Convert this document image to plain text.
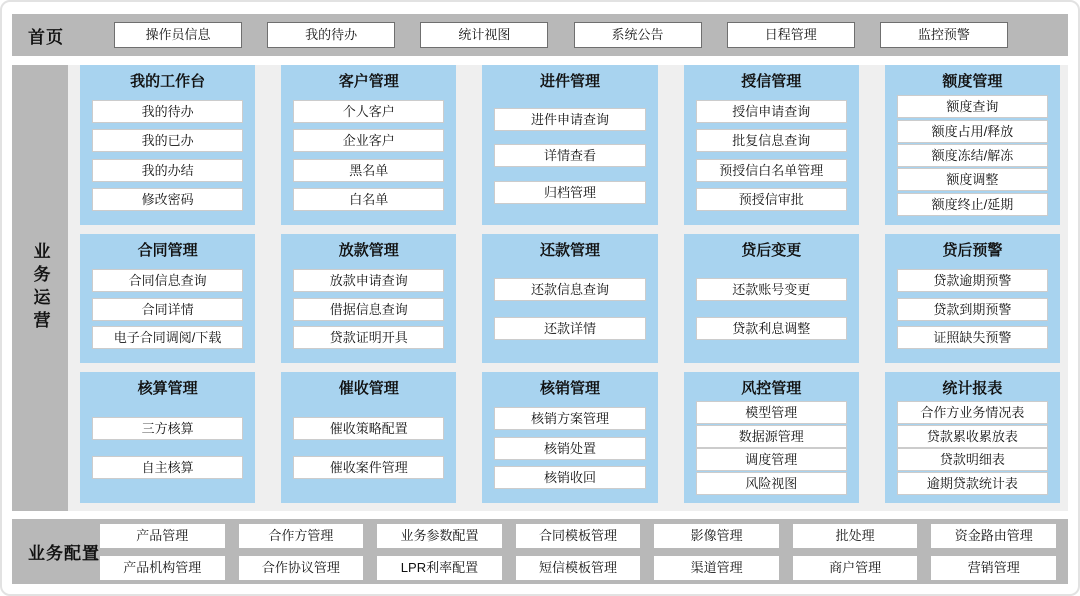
首页	操作员信息	我的待办	统计视图	系统公告	日程管理	监控预警
业务运营
我的工作台
我的待办
我的已办
我的办结
修改密码
客户管理
个人客户
企业客户
黑名单
白名单
进件管理
进件申请查询
详情查看
归档管理
授信管理
授信申请查询
批复信息查询
预授信白名单管理
预授信审批
额度管理
额度查询
额度占用/释放
额度冻结/解冻
额度调整
额度终止/延期
合同管理
合同信息查询
合同详情
电子合同调阅/下载
放款管理
放款申请查询
借据信息查询
贷款证明开具
还款管理
还款信息查询
还款详情
贷后变更
还款账号变更
贷款利息调整
贷后预警
贷款逾期预警
贷款到期预警
证照缺失预警
核算管理
三方核算
自主核算
催收管理
催收策略配置
催收案件管理
核销管理
核销方案管理
核销处置
核销收回
风控管理
模型管理
数据源管理
调度管理
风险视图
统计报表
合作方业务情况表
贷款累收累放表
贷款明细表
逾期贷款统计表
业务配置
产品管理
产品机构管理
合作方管理
合作协议管理
业务参数配置
LPR利率配置
合同模板管理
短信模板管理
影像管理
渠道管理
批处理
商户管理
资金路由管理
营销管理
